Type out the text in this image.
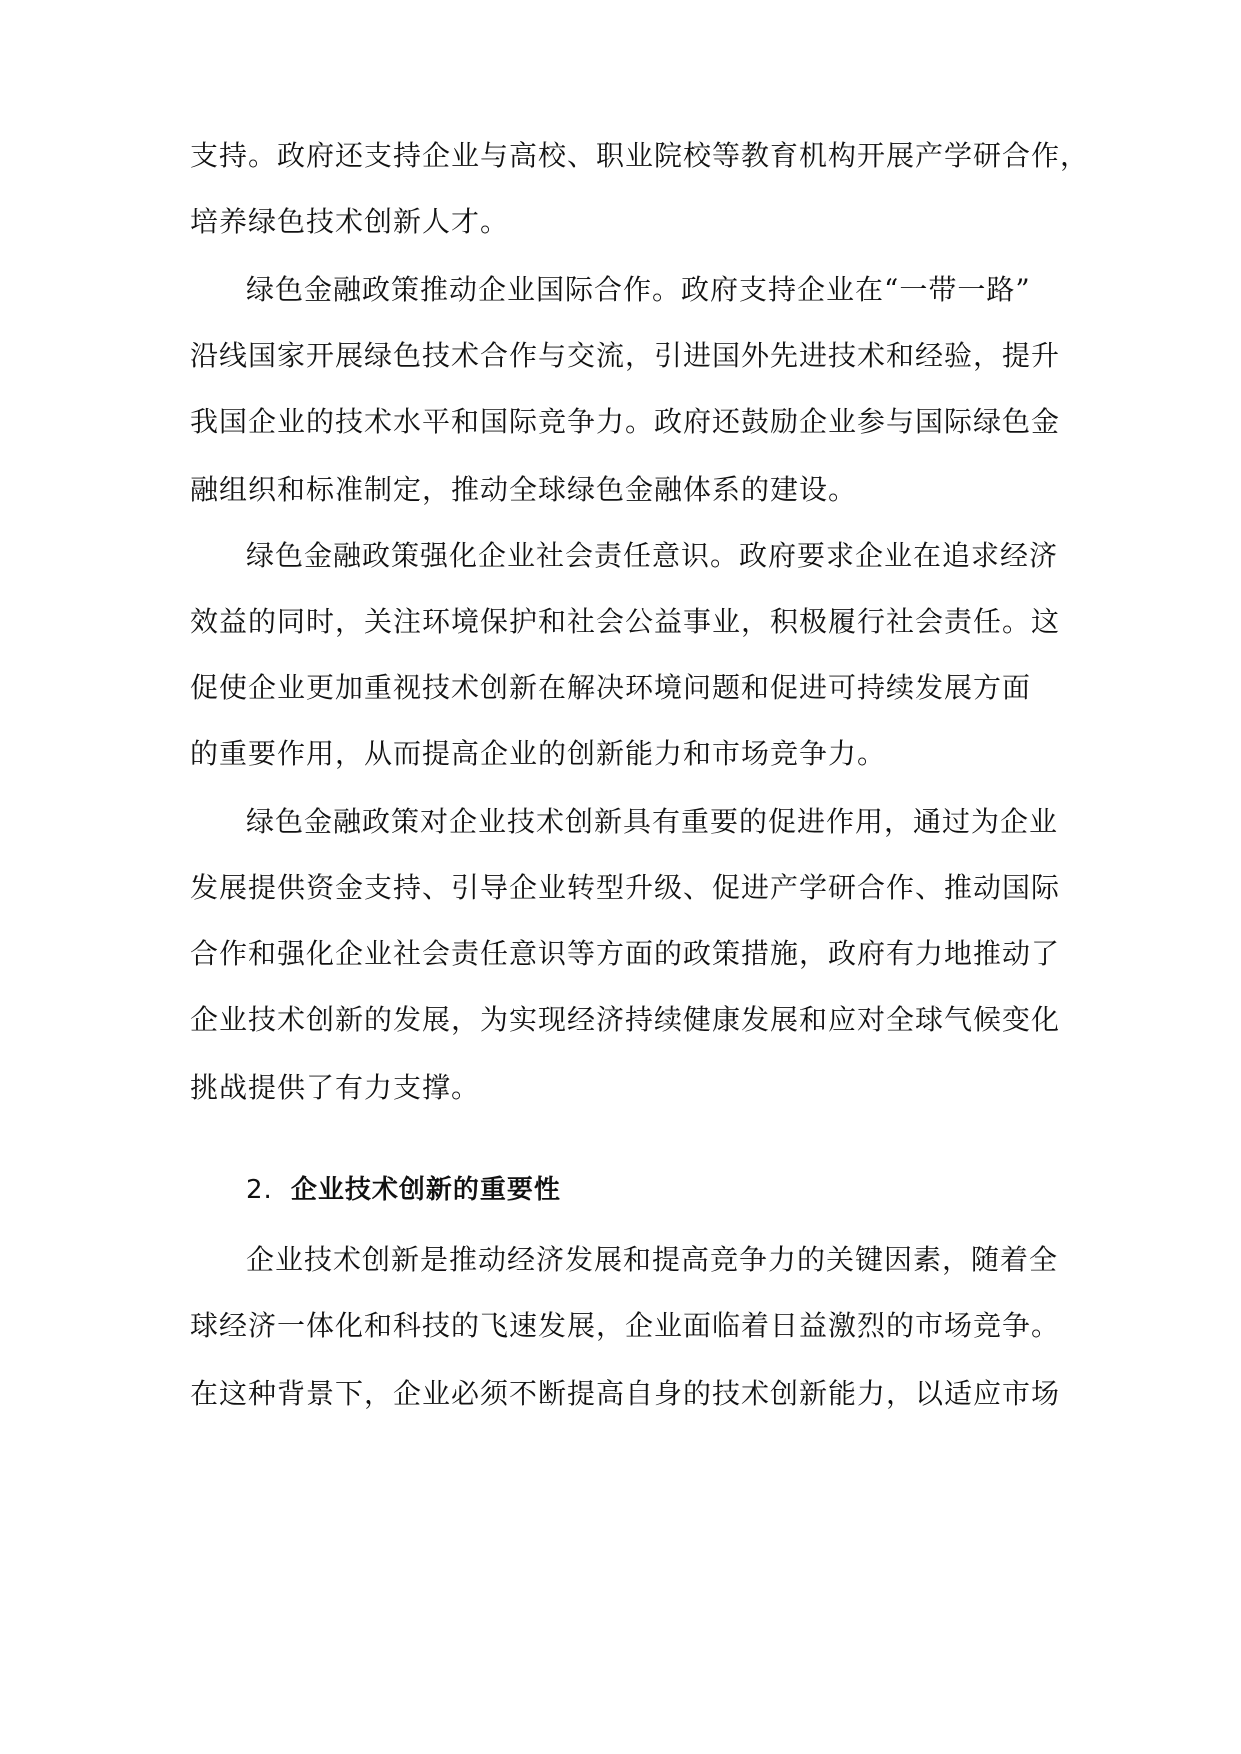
支持。政府还支持企业与高校、职业院校等教育机构开展产学研合作，
培养绿色技术创新人才。
绿色金融政策推动企业国际合作。政府支持企业在“一带一路”
沿线国家开展绿色技术合作与交流，引进国外先进技术和经验，提升
我国企业的技术水平和国际竞争力。政府还鼓励企业参与国际绿色金
融组织和标准制定，推动全球绿色金融体系的建设。
绿色金融政策强化企业社会责任意识。政府要求企业在追求经济
效益的同时，关注环境保护和社会公益事业，积极履行社会责任。这
促使企业更加重视技术创新在解决环境问题和促进可持续发展方面
的重要作用，从而提高企业的创新能力和市场竞争力。
绿色金融政策对企业技术创新具有重要的促进作用，通过为企业
发展提供资金支持、引导企业转型升级、促进产学研合作、推动国际
合作和强化企业社会责任意识等方面的政策措施，政府有力地推动了
企业技术创新的发展，为实现经济持续健康发展和应对全球气候变化
挑战提供了有力支撑。
2. 企业技术创新的重要性
企业技术创新是推动经济发展和提高竞争力的关键因素，随着全
球经济一体化和科技的飞速发展，企业面临着日益激烈的市场竞争。
在这种背景下，企业必须不断提高自身的技术创新能力，以适应市场
